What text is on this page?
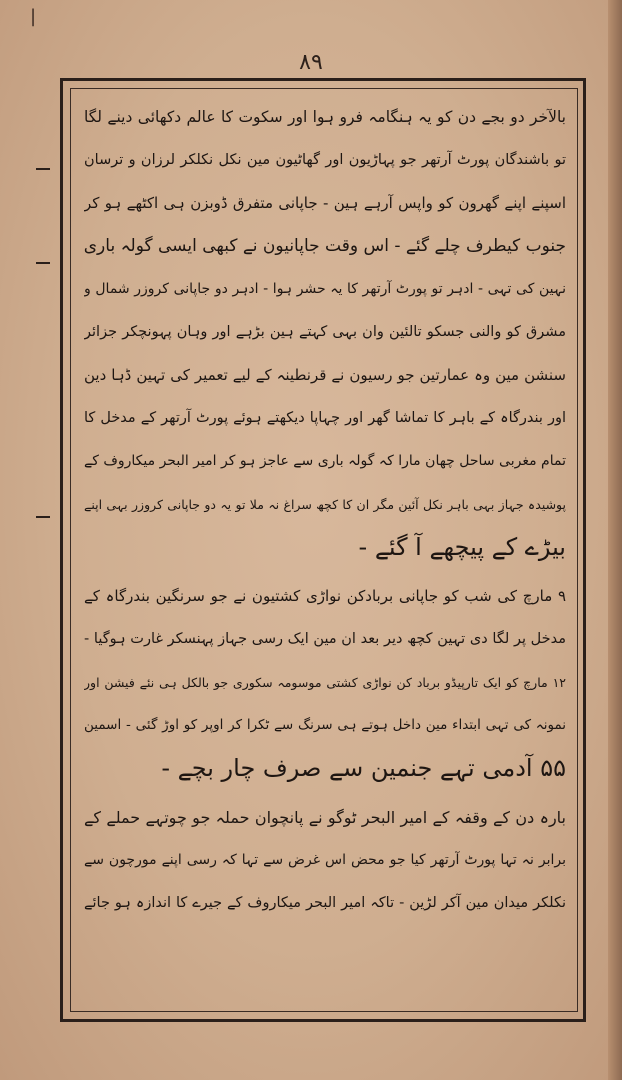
|
۸۹
بالآخر دو بجے دن کو یہ ہنگامہ فرو ہوا اور سکوت کا عالم دکھائی دینے لگا
تو باشندگان پورٹ آرتھر جو پہاڑیون اور گھاٹیون مین نکل نکلکر لرزان و ترسان
اسپنے اپنے گھرون کو واپس آرہے ہین - جاپانی متفرق ڈوبزن ہی اکٹھے ہو کر
جنوب کیطرف چلے گئے - اس وقت جاپانیون نے کبھی ایسی گولہ باری
نہین کی تہی - ادہر تو پورٹ آرتھر کا یہ حشر ہوا - ادہر دو جاپانی کروزر شمال و
مشرق کو والنی جسکو تالئین وان بہی کہتے ہین بڑہے اور وہان پہونچکر جزائر
سنشن مین وہ عمارتین جو رسیون نے قرنطینہ کے لیے تعمیر کی تہین ڈہا دین
اور بندرگاہ کے باہر کا تماشا گھر اور چہاپا دیکھتے ہوئے پورٹ آرتھر کے مدخل کا
تمام مغربی ساحل چھان مارا کہ گولہ باری سے عاجز ہو کر امیر البحر میکاروف کے
پوشیدہ جہاز بہی باہر نکل آئین مگر ان کا کچھ سراغ نہ ملا تو یہ دو جاپانی کروزر بہی اپنے
بیڑے کے پیچھے آ گئے -
۹ مارچ کی شب کو جاپانی بربادکن نواڑی کشتیون نے جو سرنگین بندرگاہ کے
مدخل پر لگا دی تہین کچھ دیر بعد ان مین ایک رسی جہاز پہنسکر غارت ہوگیا -
۱۲ مارچ کو ایک تارپیڈو برباد کن نواڑی کشتی موسومہ سکوری جو بالکل ہی نئے فیشن اور
نمونہ کی تہی ابتداء مین داخل ہوتے ہی سرنگ سے ٹکرا کر اوپر کو اوڑ گئی - اسمین
۵۵ آدمی تہے جنمین سے صرف چار بچے -
بارہ دن کے وقفہ کے امیر البحر ٹوگو نے پانچوان حملہ جو چوتہے حملے کے
برابر نہ تہا پورٹ آرتھر کیا جو محض اس غرض سے تہا کہ رسی اپنے مورچون سے
نکلکر میدان مین آکر لڑین - تاکہ امیر البحر میکاروف کے جیرے کا اندازہ ہو جائے
